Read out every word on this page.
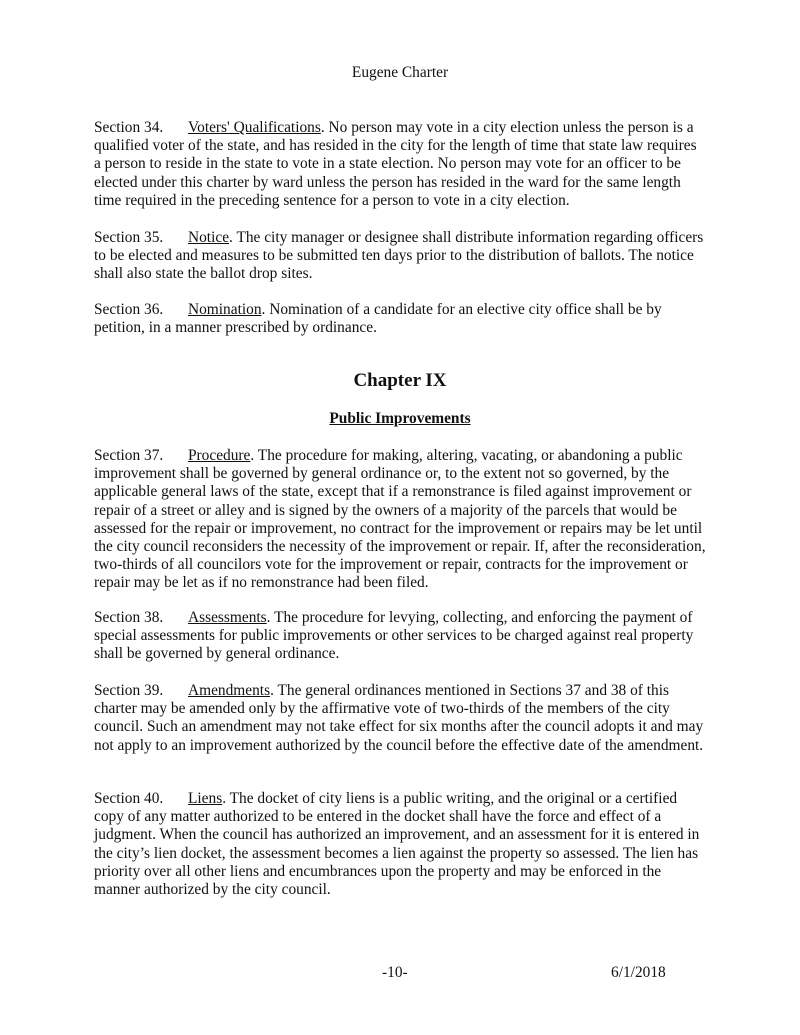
Eugene Charter
Section 34. Voters' Qualifications. No person may vote in a city election unless the person is a qualified voter of the state, and has resided in the city for the length of time that state law requires a person to reside in the state to vote in a state election. No person may vote for an officer to be elected under this charter by ward unless the person has resided in the ward for the same length time required in the preceding sentence for a person to vote in a city election.
Section 35. Notice. The city manager or designee shall distribute information regarding officers to be elected and measures to be submitted ten days prior to the distribution of ballots. The notice shall also state the ballot drop sites.
Section 36. Nomination. Nomination of a candidate for an elective city office shall be by petition, in a manner prescribed by ordinance.
Chapter IX
Public Improvements
Section 37. Procedure. The procedure for making, altering, vacating, or abandoning a public improvement shall be governed by general ordinance or, to the extent not so governed, by the applicable general laws of the state, except that if a remonstrance is filed against improvement or repair of a street or alley and is signed by the owners of a majority of the parcels that would be assessed for the repair or improvement, no contract for the improvement or repairs may be let until the city council reconsiders the necessity of the improvement or repair. If, after the reconsideration, two-thirds of all councilors vote for the improvement or repair, contracts for the improvement or repair may be let as if no remonstrance had been filed.
Section 38. Assessments. The procedure for levying, collecting, and enforcing the payment of special assessments for public improvements or other services to be charged against real property shall be governed by general ordinance.
Section 39. Amendments. The general ordinances mentioned in Sections 37 and 38 of this charter may be amended only by the affirmative vote of two-thirds of the members of the city council. Such an amendment may not take effect for six months after the council adopts it and may not apply to an improvement authorized by the council before the effective date of the amendment.
Section 40. Liens. The docket of city liens is a public writing, and the original or a certified copy of any matter authorized to be entered in the docket shall have the force and effect of a judgment. When the council has authorized an improvement, and an assessment for it is entered in the city’s lien docket, the assessment becomes a lien against the property so assessed. The lien has priority over all other liens and encumbrances upon the property and may be enforced in the manner authorized by the city council.
-10-	6/1/2018
